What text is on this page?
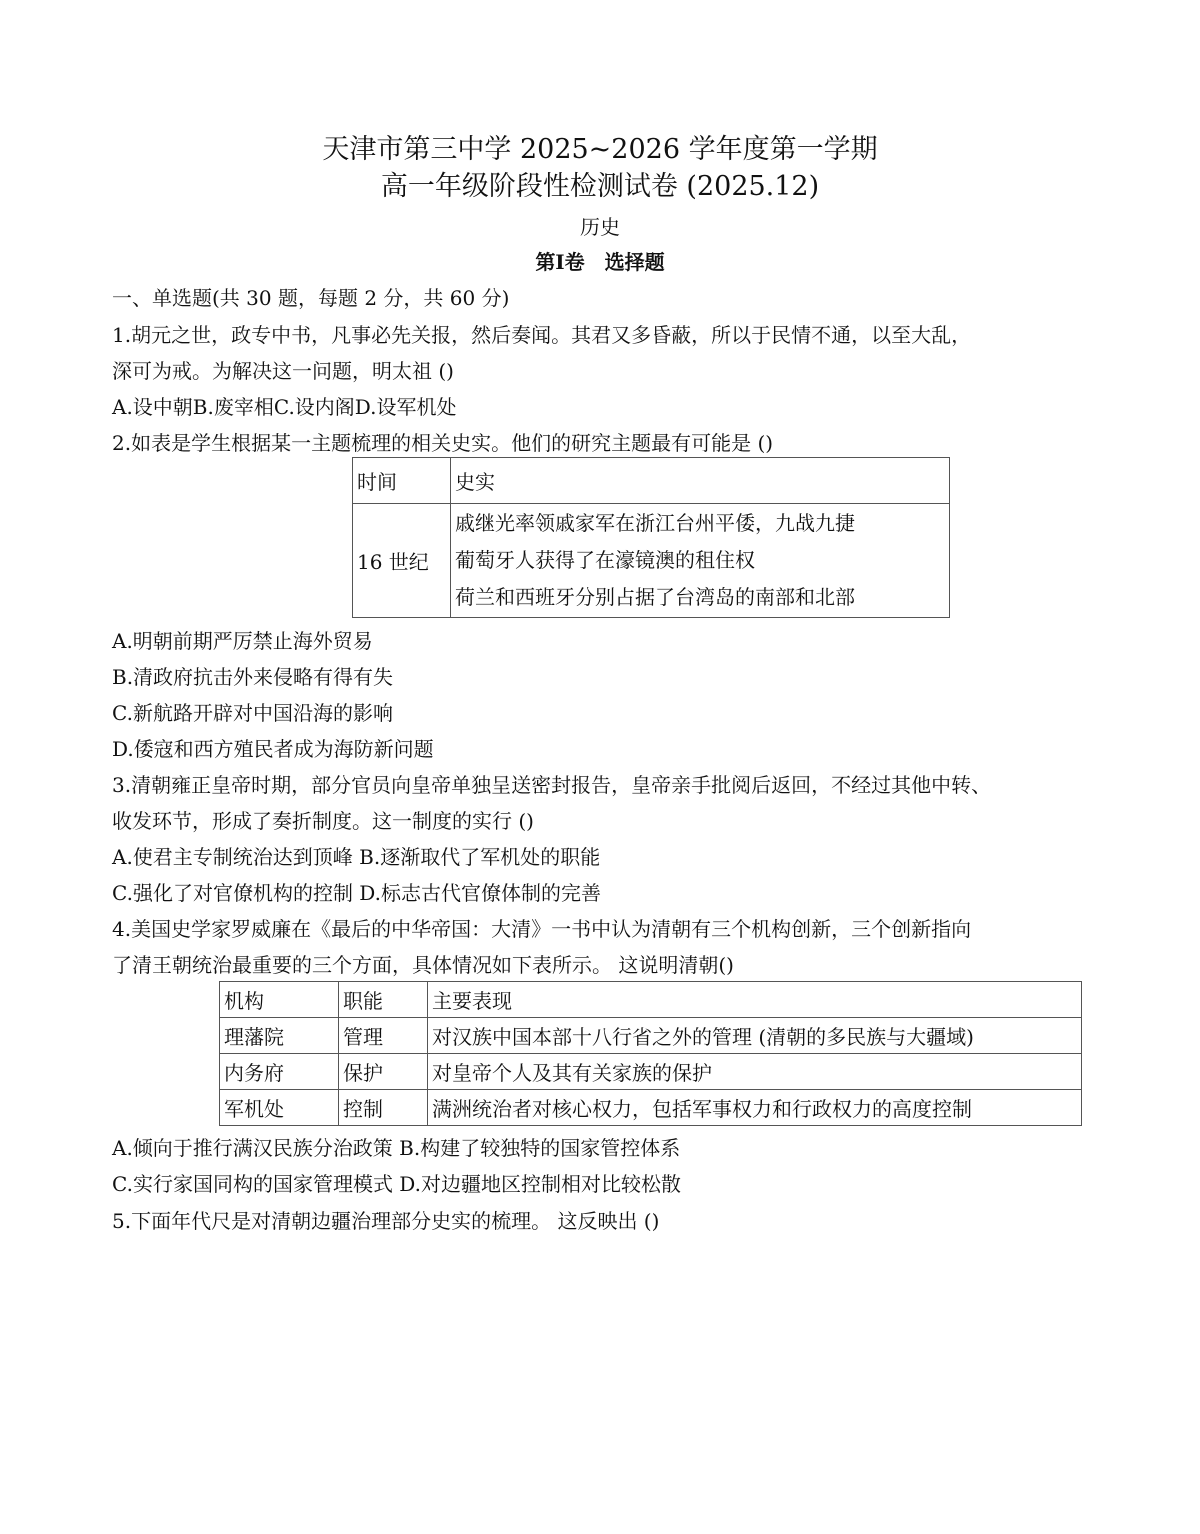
天津市第三中学 2025~2026 学年度第一学期
高一年级阶段性检测试卷 (2025.12)
历史
第Ⅰ卷　选择题
一、单选题(共 30 题，每题 2 分，共 60 分)
1.胡元之世，政专中书，凡事必先关报，然后奏闻。其君又多昏蔽，所以于民情不通，以至大乱，
深可为戒。为解决这一问题，明太祖 ()
A.设中朝B.废宰相C.设内阁D.设军机处
2.如表是学生根据某一主题梳理的相关史实。他们的研究主题最有可能是 ()
时间	史实
16 世纪	戚继光率领戚家军在浙江台州平倭，九战九捷
葡萄牙人获得了在濠镜澳的租住权
荷兰和西班牙分别占据了台湾岛的南部和北部
A.明朝前期严厉禁止海外贸易
B.清政府抗击外来侵略有得有失
C.新航路开辟对中国沿海的影响
D.倭寇和西方殖民者成为海防新问题
3.清朝雍正皇帝时期，部分官员向皇帝单独呈送密封报告，皇帝亲手批阅后返回，不经过其他中转、
收发环节，形成了奏折制度。这一制度的实行 ()
A.使君主专制统治达到顶峰 B.逐渐取代了军机处的职能
C.强化了对官僚机构的控制 D.标志古代官僚体制的完善
4.美国史学家罗威廉在《最后的中华帝国：大清》一书中认为清朝有三个机构创新，三个创新指向
了清王朝统治最重要的三个方面，具体情况如下表所示。 这说明清朝()
机构	职能	主要表现
理藩院	管理	对汉族中国本部十八行省之外的管理 (清朝的多民族与大疆域)
内务府	保护	对皇帝个人及其有关家族的保护
军机处	控制	满洲统治者对核心权力，包括军事权力和行政权力的高度控制
A.倾向于推行满汉民族分治政策 B.构建了较独特的国家管控体系
C.实行家国同构的国家管理模式 D.对边疆地区控制相对比较松散
5.下面年代尺是对清朝边疆治理部分史实的梳理。 这反映出 ()
